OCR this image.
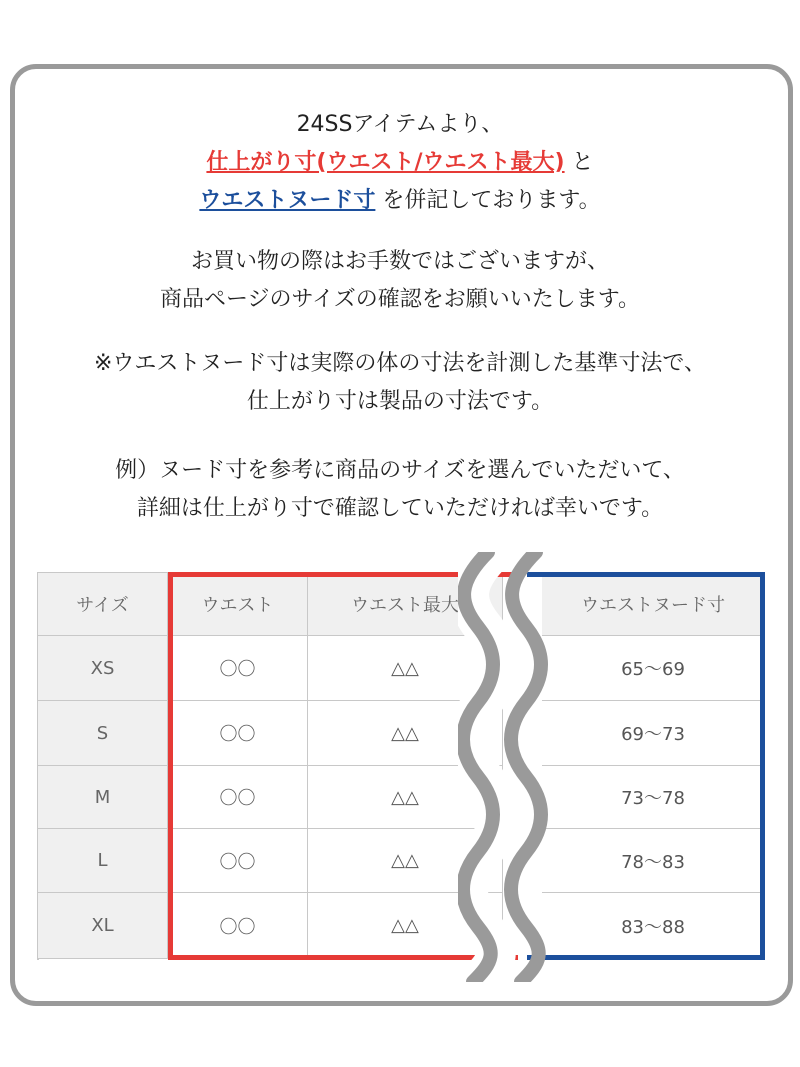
24SSアイテムより、
仕上がり寸(ウエスト/ウエスト最大) と
ウエストヌード寸 を併記しております。
お買い物の際はお手数ではございますが、
商品ページのサイズの確認をお願いいたします。
※ウエストヌード寸は実際の体の寸法を計測した基準寸法で、
仕上がり寸は製品の寸法です。
例）ヌード寸を参考に商品のサイズを選んでいただいて、
詳細は仕上がり寸で確認していただければ幸いです。
サイズ	ウエスト	ウエスト最大	ウエストヌード寸
XS	〇〇	△△	65〜69
S	〇〇	△△	69〜73
M	〇〇	△△	73〜78
L	〇〇	△△	78〜83
XL	〇〇	△△	83〜88
